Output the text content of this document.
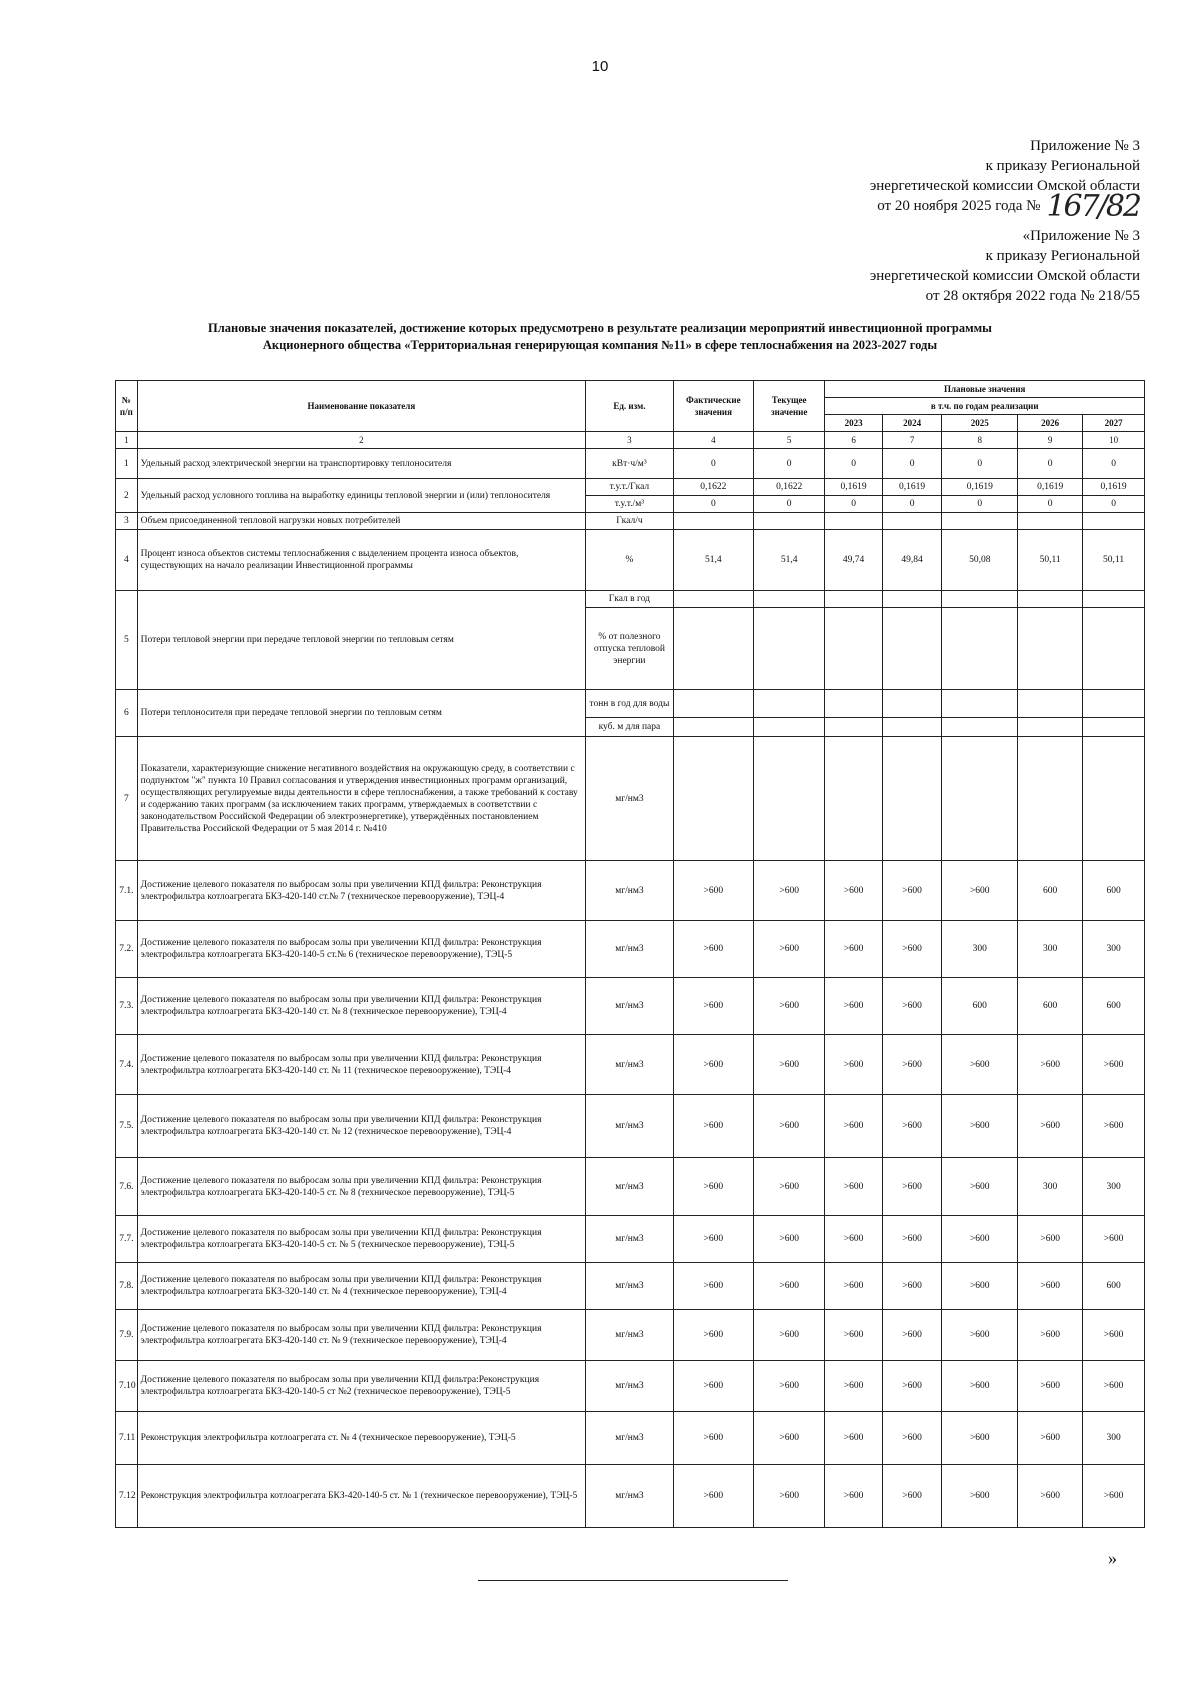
10
Приложение № 3
к приказу Региональной
энергетической комиссии Омской области
от 20 ноября 2025 года № 167/82
«Приложение № 3
к приказу Региональной
энергетической комиссии Омской области
от 28 октября 2022 года № 218/55
Плановые значения показателей, достижение которых предусмотрено в результате реализации мероприятий инвестиционной программы
Акционерного общества «Территориальная генерирующая компания №11» в сфере теплоснабжения на 2023-2027 годы
№ п/п	Наименование показателя	Ед. изм.	Фактические значения	Текущее значение	Плановые значения				
					в т.ч. по годам реализации				
					2023	2024	2025	2026	2027
1	2	3	4	5	6	7	8	9	10
1	Удельный расход электрической энергии на транспортировку теплоносителя	кВт·ч/м³	0	0	0	0	0	0	0
2	Удельный расход условного топлива на выработку единицы тепловой энергии и (или) теплоносителя	т.у.т./Гкал	0,1622	0,1622	0,1619	0,1619	0,1619	0,1619	0,1619
		т.у.т./м³	0	0	0	0	0	0	0
3	Объем присоединенной тепловой нагрузки новых потребителей	Гкал/ч							
4	Процент износа объектов системы теплоснабжения с выделением процента износа объектов, существующих на начало реализации Инвестиционной программы	%	51,4	51,4	49,74	49,84	50,08	50,11	50,11
5	Потери тепловой энергии при передаче тепловой энергии по тепловым сетям	Гкал в год							
		% от полезного отпуска тепловой энергии							
6	Потери теплоносителя при передаче тепловой энергии по тепловым сетям	тонн в год для воды							
		куб. м для пара							
7	Показатели, характеризующие снижение негативного воздействия на окружающую среду, в соответствии с подпунктом "ж" пункта 10 Правил согласования и утверждения инвестиционных программ организаций, осуществляющих регулируемые виды деятельности в сфере теплоснабжения, а также требований к составу и содержанию таких программ (за исключением таких программ, утверждаемых в соответствии с законодательством Российской Федерации об электроэнергетике), утверждённых постановлением Правительства Российской Федерации от 5 мая 2014 г. №410	мг/нм3							
7.1.	Достижение целевого показателя по выбросам золы при увеличении КПД фильтра: Реконструкция электрофильтра котлоагрегата БКЗ-420-140 ст.№ 7 (техническое перевооружение), ТЭЦ-4	мг/нм3	>600	>600	>600	>600	>600	600	600
7.2.	Достижение целевого показателя по выбросам золы при увеличении КПД фильтра: Реконструкция электрофильтра котлоагрегата БКЗ-420-140-5 ст.№ 6 (техническое перевооружение), ТЭЦ-5	мг/нм3	>600	>600	>600	>600	300	300	300
7.3.	Достижение целевого показателя по выбросам золы при увеличении КПД фильтра: Реконструкция электрофильтра котлоагрегата БКЗ-420-140 ст. № 8 (техническое перевооружение), ТЭЦ-4	мг/нм3	>600	>600	>600	>600	600	600	600
7.4.	Достижение целевого показателя по выбросам золы при увеличении КПД фильтра: Реконструкция электрофильтра котлоагрегата БКЗ-420-140 ст. № 11 (техническое перевооружение), ТЭЦ-4	мг/нм3	>600	>600	>600	>600	>600	>600	>600
7.5.	Достижение целевого показателя по выбросам золы при увеличении КПД фильтра: Реконструкция электрофильтра котлоагрегата БКЗ-420-140 ст. № 12 (техническое перевооружение), ТЭЦ-4	мг/нм3	>600	>600	>600	>600	>600	>600	>600
7.6.	Достижение целевого показателя по выбросам золы при увеличении КПД фильтра: Реконструкция электрофильтра котлоагрегата БКЗ-420-140-5 ст. № 8 (техническое перевооружение), ТЭЦ-5	мг/нм3	>600	>600	>600	>600	>600	300	300
7.7.	Достижение целевого показателя по выбросам золы при увеличении КПД фильтра: Реконструкция электрофильтра котлоагрегата БКЗ-420-140-5 ст. № 5 (техническое перевооружение), ТЭЦ-5	мг/нм3	>600	>600	>600	>600	>600	>600	>600
7.8.	Достижение целевого показателя по выбросам золы при увеличении КПД фильтра: Реконструкция электрофильтра котлоагрегата БКЗ-320-140 ст. № 4 (техническое перевооружение), ТЭЦ-4	мг/нм3	>600	>600	>600	>600	>600	>600	600
7.9.	Достижение целевого показателя по выбросам золы при увеличении КПД фильтра: Реконструкция электрофильтра котлоагрегата БКЗ-420-140 ст. № 9 (техническое перевооружение), ТЭЦ-4	мг/нм3	>600	>600	>600	>600	>600	>600	>600
7.10	Достижение целевого показателя по выбросам золы при увеличении КПД фильтра:Реконструкция электрофильтра котлоагрегата БКЗ-420-140-5 ст №2 (техническое перевооружение), ТЭЦ-5	мг/нм3	>600	>600	>600	>600	>600	>600	>600
7.11	Реконструкция электрофильтра котлоагрегата ст. № 4 (техническое перевооружение), ТЭЦ-5	мг/нм3	>600	>600	>600	>600	>600	>600	300
7.12	Реконструкция электрофильтра котлоагрегата БКЗ-420-140-5 ст. № 1 (техническое перевооружение), ТЭЦ-5	мг/нм3	>600	>600	>600	>600	>600	>600	>600
»
